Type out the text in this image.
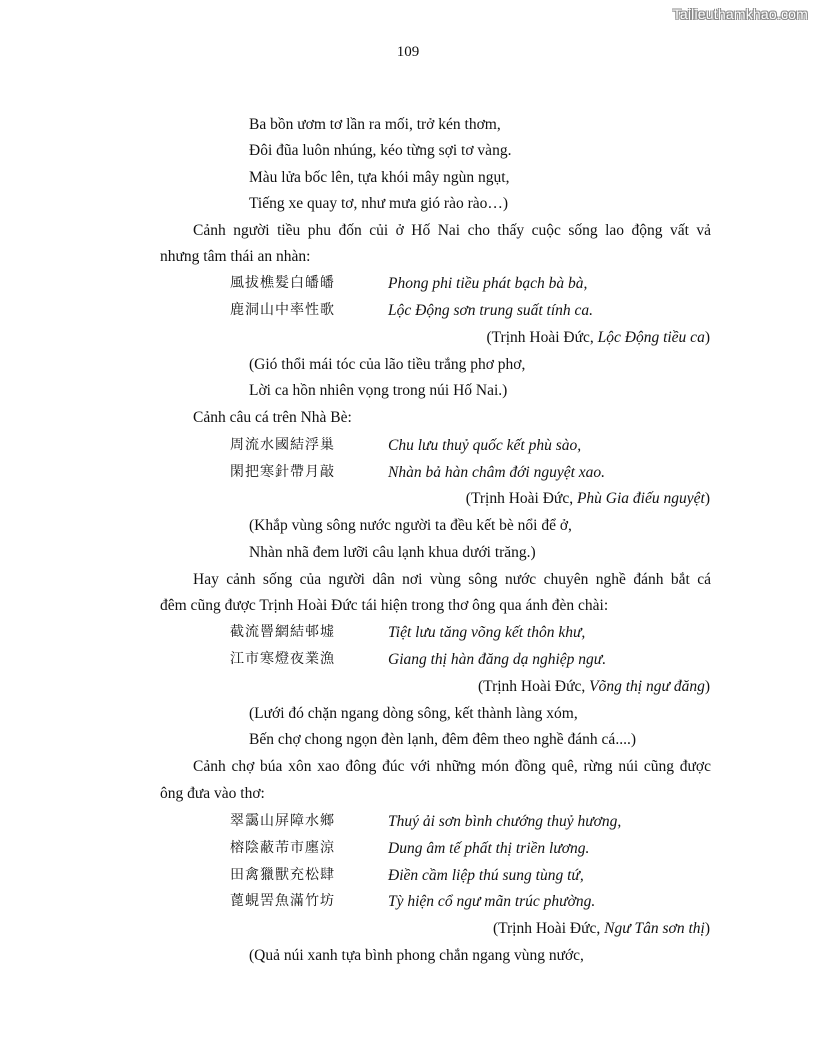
Tailieuthamkhao.com
109
Ba bồn ươm tơ lần ra mối, trở kén thơm,
Đôi đũa luôn nhúng, kéo từng sợi tơ vàng.
Màu lửa bốc lên, tựa khói mây ngùn ngụt,
Tiếng xe quay tơ, như mưa gió rào rào…)
Cảnh người tiều phu đốn củi ở Hố Nai cho thấy cuộc sống lao động vất vả
nhưng tâm thái an nhàn:
風拔樵髮白皤皤	Phong phi tiều phát bạch bà bà,
鹿洞山中率性歌	Lộc Động sơn trung suất tính ca.
(Trịnh Hoài Đức, Lộc Động tiều ca)
(Gió thổi mái tóc của lão tiều trắng phơ phơ,
Lời ca hồn nhiên vọng trong núi Hố Nai.)
Cảnh câu cá trên Nhà Bè:
周流水國結浮巢	Chu lưu thuỷ quốc kết phù sào,
閑把寒針帶月敲	Nhàn bả hàn châm đới nguyệt xao.
(Trịnh Hoài Đức, Phù Gia điếu nguyệt)
(Khắp vùng sông nước người ta đều kết bè nổi để ở,
Nhàn nhã đem lưỡi câu lạnh khua dưới trăng.)
Hay cảnh sống của người dân nơi vùng sông nước chuyên nghề đánh bắt cá
đêm cũng được Trịnh Hoài Đức tái hiện trong thơ ông qua ánh đèn chài:
截流罾網結邨墟	Tiệt lưu tăng võng kết thôn khư,
江市寒燈夜業漁	Giang thị hàn đăng dạ nghiệp ngư.
(Trịnh Hoài Đức, Võng thị ngư đăng)
(Lưới đó chặn ngang dòng sông, kết thành làng xóm,
Bến chợ chong ngọn đèn lạnh, đêm đêm theo nghề đánh cá....)
Cảnh chợ búa xôn xao đông đúc với những món đồng quê, rừng núi cũng được
ông đưa vào thơ:
翠靄山屏障水鄉	Thuý ải sơn bình chướng thuỷ hương,
榕陰蔽芾市廛涼	Dung âm tế phất thị triền lương.
田禽獵獸充松肆	Điền cầm liệp thú sung tùng tứ,
蓖蜆罟魚滿竹坊	Tỳ hiện cổ ngư mãn trúc phường.
(Trịnh Hoài Đức, Ngư Tân sơn thị)
(Quả núi xanh tựa bình phong chắn ngang vùng nước,
